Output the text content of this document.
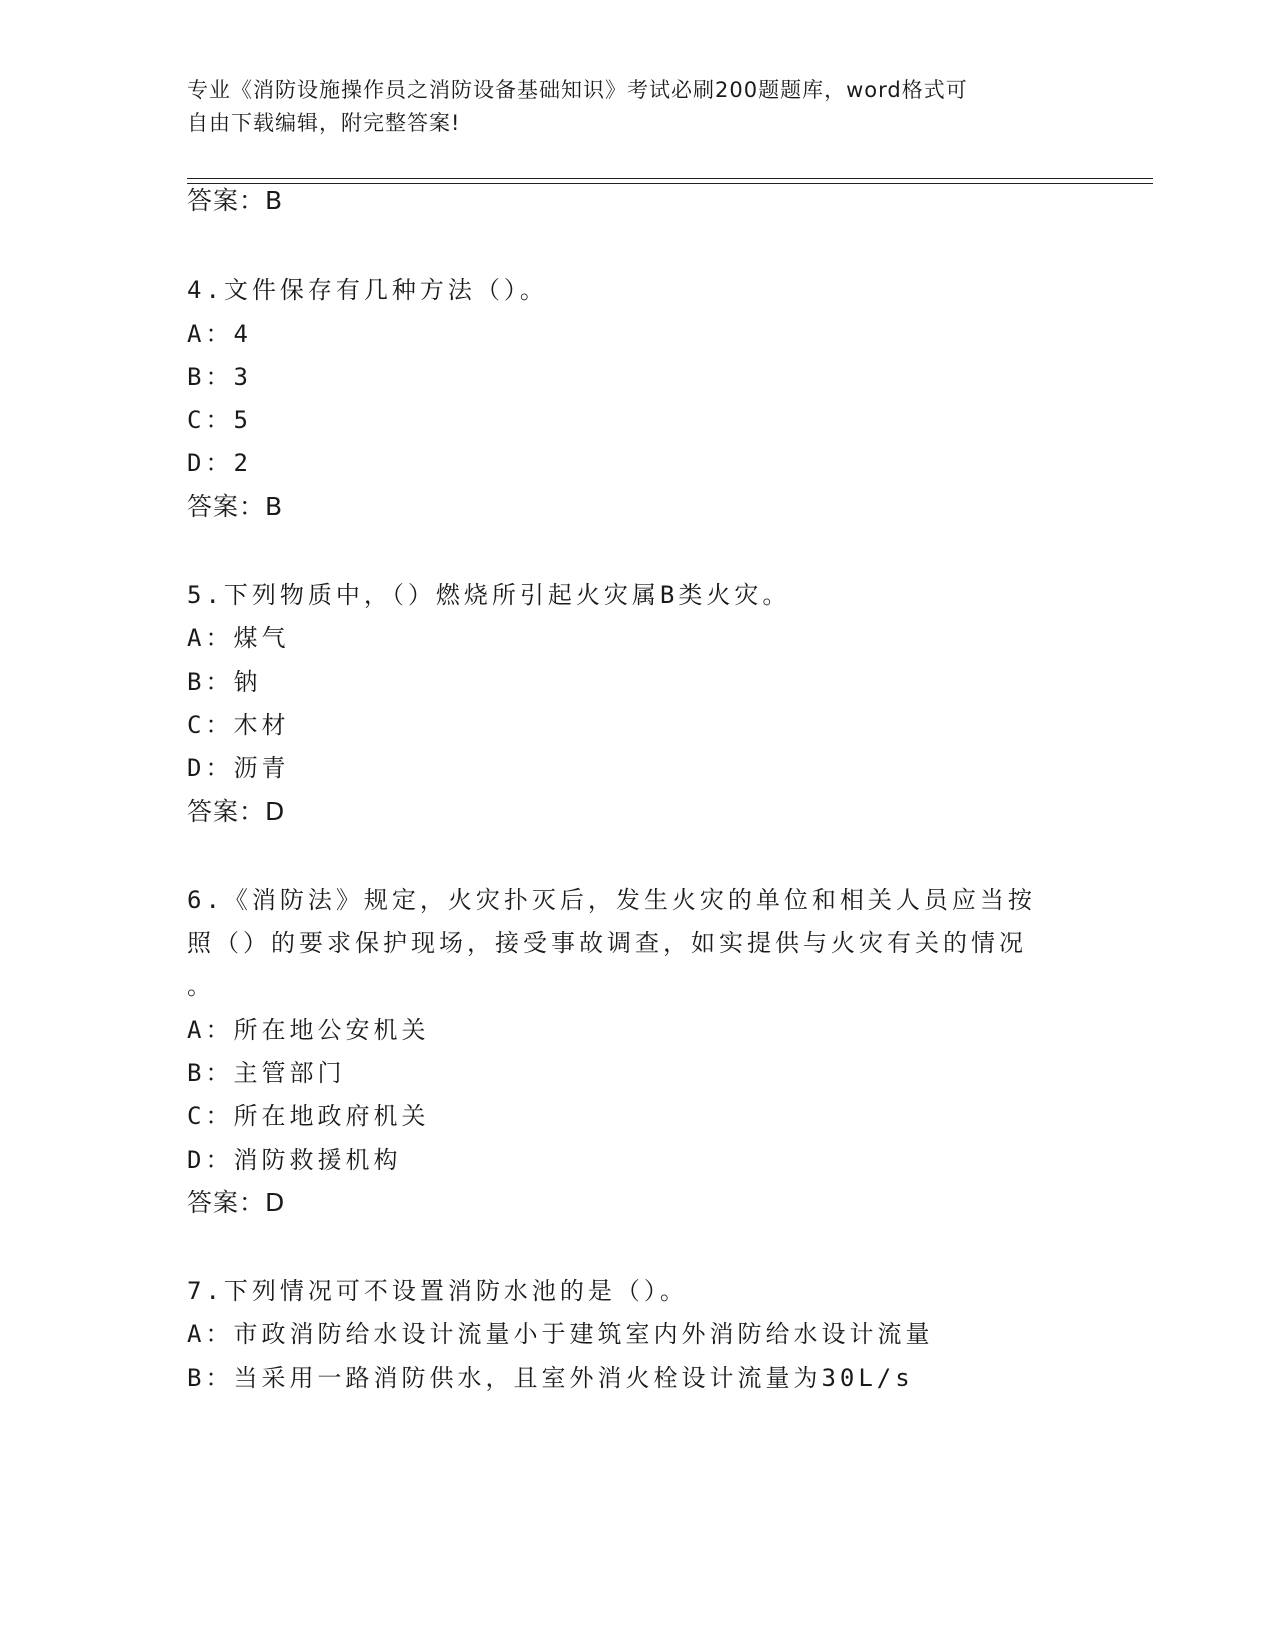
专业《消防设施操作员之消防设备基础知识》考试必刷200题题库，word格式可
自由下载编辑，附完整答案!
答案：B
4.文件保存有几种方法（）。
A：4
B：3
C：5
D：2
答案：B
5.下列物质中，（）燃烧所引起火灾属B类火灾。
A：煤气
B：钠
C：木材
D：沥青
答案：D
6.《消防法》规定，火灾扑灭后，发生火灾的单位和相关人员应当按
照（）的要求保护现场，接受事故调查，如实提供与火灾有关的情况
。
A：所在地公安机关
B：主管部门
C：所在地政府机关
D：消防救援机构
答案：D
7.下列情况可不设置消防水池的是（）。
A：市政消防给水设计流量小于建筑室内外消防给水设计流量
B：当采用一路消防供水，且室外消火栓设计流量为30L/s
